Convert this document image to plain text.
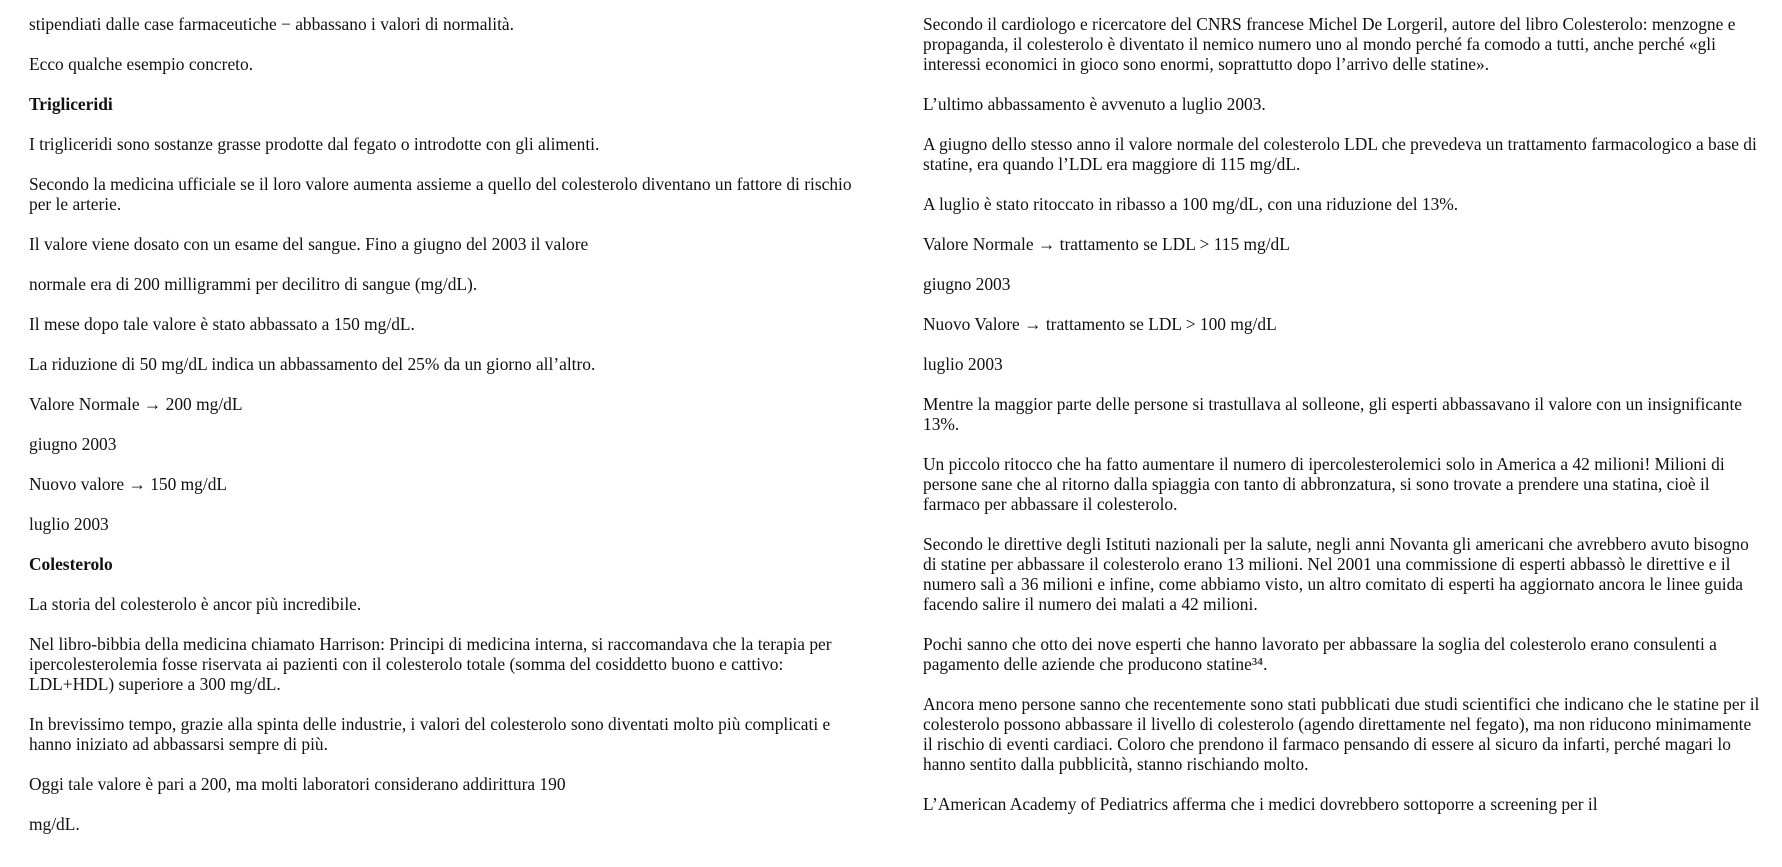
stipendiati dalle case farmaceutiche − abbassano i valori di normalità.

Ecco qualche esempio concreto.

Trigliceridi

I trigliceridi sono sostanze grasse prodotte dal fegato o introdotte con gli alimenti.

Secondo la medicina ufficiale se il loro valore aumenta assieme a quello del colesterolo diventano un fattore di rischio per le arterie.

Il valore viene dosato con un esame del sangue. Fino a giugno del 2003 il valore

normale era di 200 milligrammi per decilitro di sangue (mg/dL).

Il mese dopo tale valore è stato abbassato a 150 mg/dL.

La riduzione di 50 mg/dL indica un abbassamento del 25% da un giorno all’altro.

Valore Normale → 200 mg/dL

giugno 2003

Nuovo valore → 150 mg/dL

luglio 2003

Colesterolo

La storia del colesterolo è ancor più incredibile.

Nel libro-bibbia della medicina chiamato Harrison: Principi di medicina interna, si raccomandava che la terapia per ipercolesterolemia fosse riservata ai pazienti con il colesterolo totale (somma del cosiddetto buono e cattivo: LDL+HDL) superiore a 300 mg/dL.

In brevissimo tempo, grazie alla spinta delle industrie, i valori del colesterolo sono diventati molto più complicati e hanno iniziato ad abbassarsi sempre di più.

Oggi tale valore è pari a 200, ma molti laboratori considerano addirittura 190

mg/dL.

Secondo il cardiologo e ricercatore del CNRS francese Michel De Lorgeril, autore del libro Colesterolo: menzogne e propaganda, il colesterolo è diventato il nemico numero uno al mondo perché fa comodo a tutti, anche perché «gli interessi economici in gioco sono enormi, soprattutto dopo l’arrivo delle statine».

L’ultimo abbassamento è avvenuto a luglio 2003.

A giugno dello stesso anno il valore normale del colesterolo LDL che prevedeva un trattamento farmacologico a base di statine, era quando l’LDL era maggiore di 115 mg/dL.

A luglio è stato ritoccato in ribasso a 100 mg/dL, con una riduzione del 13%.

Valore Normale → trattamento se LDL > 115 mg/dL

giugno 2003

Nuovo Valore → trattamento se LDL > 100 mg/dL

luglio 2003

Mentre la maggior parte delle persone si trastullava al solleone, gli esperti abbassavano il valore con un insignificante 13%.

Un piccolo ritocco che ha fatto aumentare il numero di ipercolesterolemici solo in America a 42 milioni! Milioni di persone sane che al ritorno dalla spiaggia con tanto di abbronzatura, si sono trovate a prendere una statina, cioè il farmaco per abbassare il colesterolo.

Secondo le direttive degli Istituti nazionali per la salute, negli anni Novanta gli americani che avrebbero avuto bisogno di statine per abbassare il colesterolo erano 13 milioni. Nel 2001 una commissione di esperti abbassò le direttive e il numero salì a 36 milioni e infine, come abbiamo visto, un altro comitato di esperti ha aggiornato ancora le linee guida facendo salire il numero dei malati a 42 milioni.

Pochi sanno che otto dei nove esperti che hanno lavorato per abbassare la soglia del colesterolo erano consulenti a pagamento delle aziende che producono statine³⁴.

Ancora meno persone sanno che recentemente sono stati pubblicati due studi scientifici che indicano che le statine per il colesterolo possono abbassare il livello di colesterolo (agendo direttamente nel fegato), ma non riducono minimamente il rischio di eventi cardiaci. Coloro che prendono il farmaco pensando di essere al sicuro da infarti, perché magari lo hanno sentito dalla pubblicità, stanno rischiando molto.

L’American Academy of Pediatrics afferma che i medici dovrebbero sottoporre a screening per il
